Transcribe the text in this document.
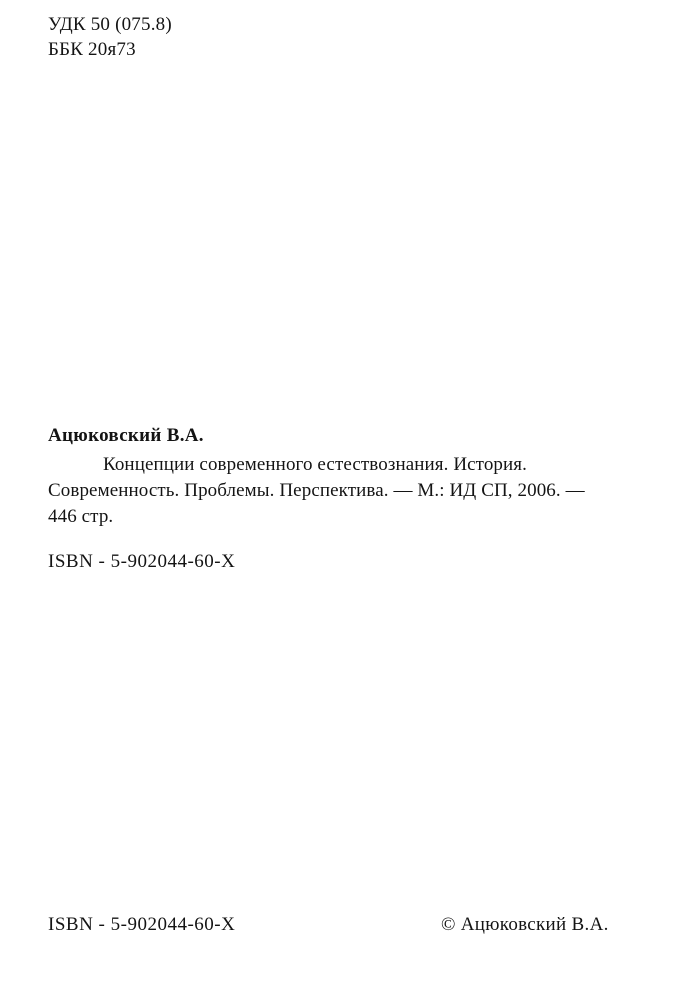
УДК 50 (075.8)
ББК 20я73
Ацюковский В.А.
Концепции современного естествознания. История.
Современность. Проблемы. Перспектива. — М.: ИД СП, 2006. —
446 стр.
ISBN - 5-902044-60-X
ISBN - 5-902044-60-X	© Ацюковский В.А.
